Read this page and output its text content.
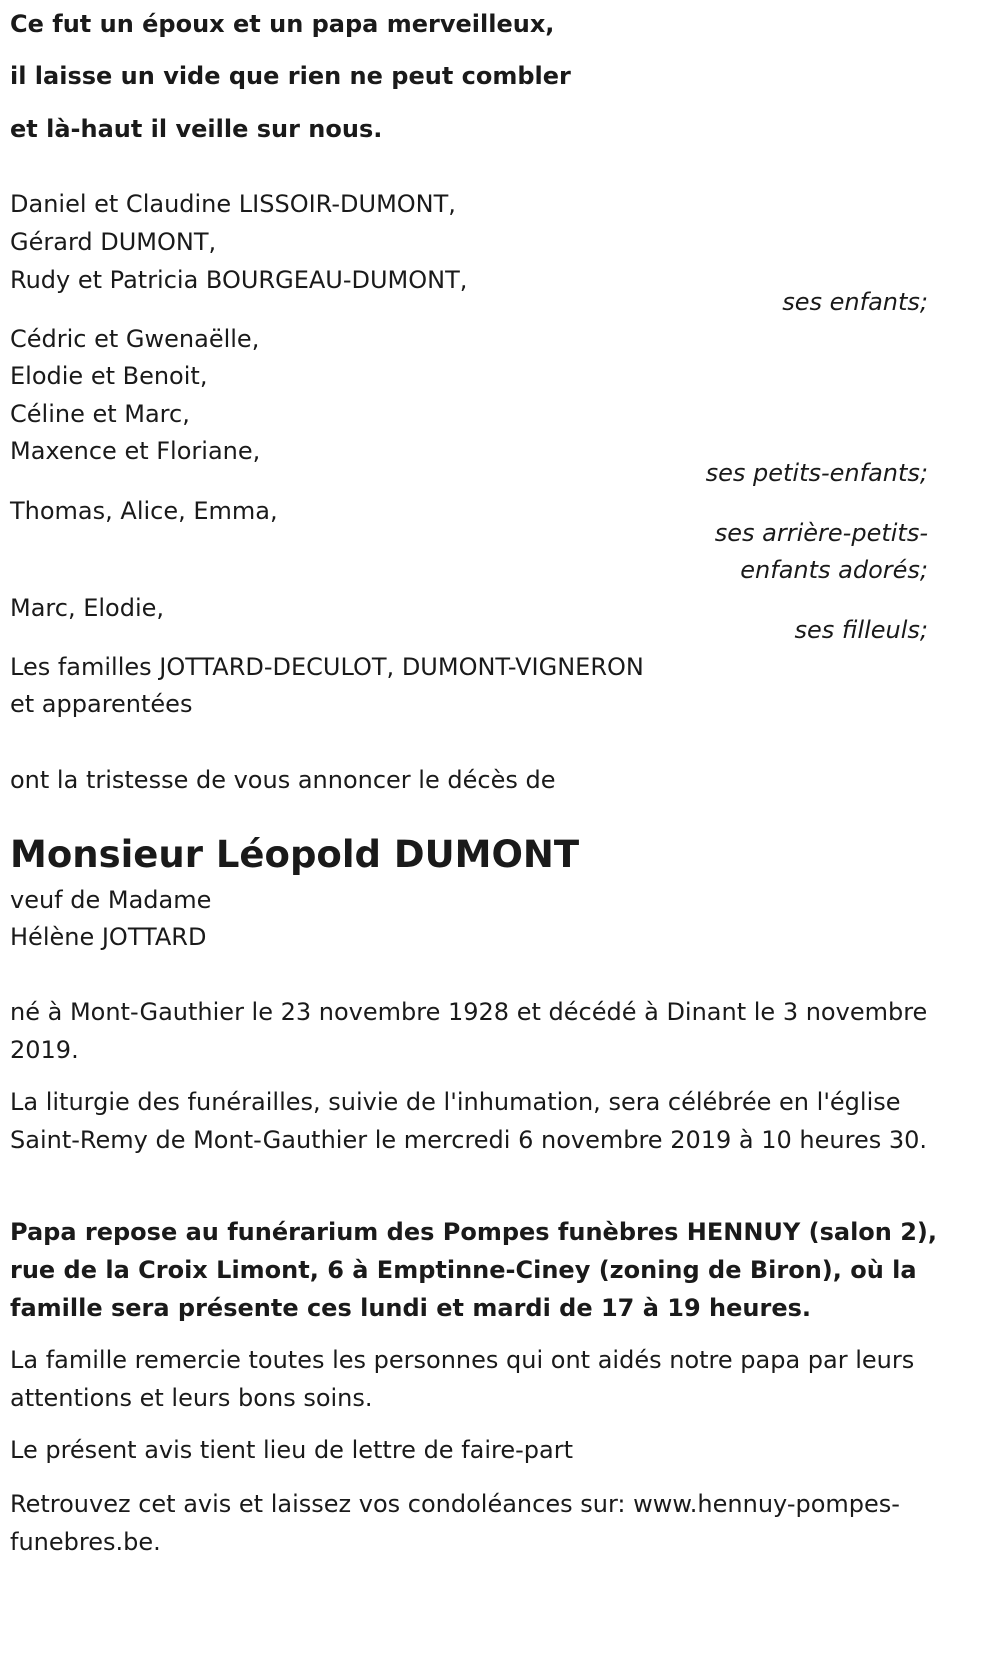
Ce fut un époux et un papa merveilleux,
il laisse un vide que rien ne peut combler
et là-haut il veille sur nous.
Daniel et Claudine LISSOIR-DUMONT,
Gérard DUMONT,
Rudy et Patricia BOURGEAU-DUMONT,
ses enfants;
Cédric et Gwenaëlle,
Elodie et Benoit,
Céline et Marc,
Maxence et Floriane,
ses petits-enfants;
Thomas, Alice, Emma,
ses arrière-petits-
enfants adorés;
Marc, Elodie,
ses filleuls;
Les familles JOTTARD-DECULOT, DUMONT-VIGNERON
et apparentées
ont la tristesse de vous annoncer le décès de
Monsieur Léopold DUMONT
veuf de Madame
Hélène JOTTARD
né à Mont-Gauthier le 23 novembre 1928 et décédé à Dinant le 3 novembre 2019.
La liturgie des funérailles, suivie de l'inhumation, sera célébrée en l'église Saint-Remy de Mont-Gauthier le mercredi 6 novembre 2019 à 10 heures 30.
Papa repose au funérarium des Pompes funèbres HENNUY (salon 2), rue de la Croix Limont, 6 à Emptinne-Ciney (zoning de Biron), où la famille sera présente ces lundi et mardi de 17 à 19 heures.
La famille remercie toutes les personnes qui ont aidés notre papa par leurs attentions et leurs bons soins.
Le présent avis tient lieu de lettre de faire-part
Retrouvez cet avis et laissez vos condoléances sur: www.hennuy-pompes-funebres.be.
